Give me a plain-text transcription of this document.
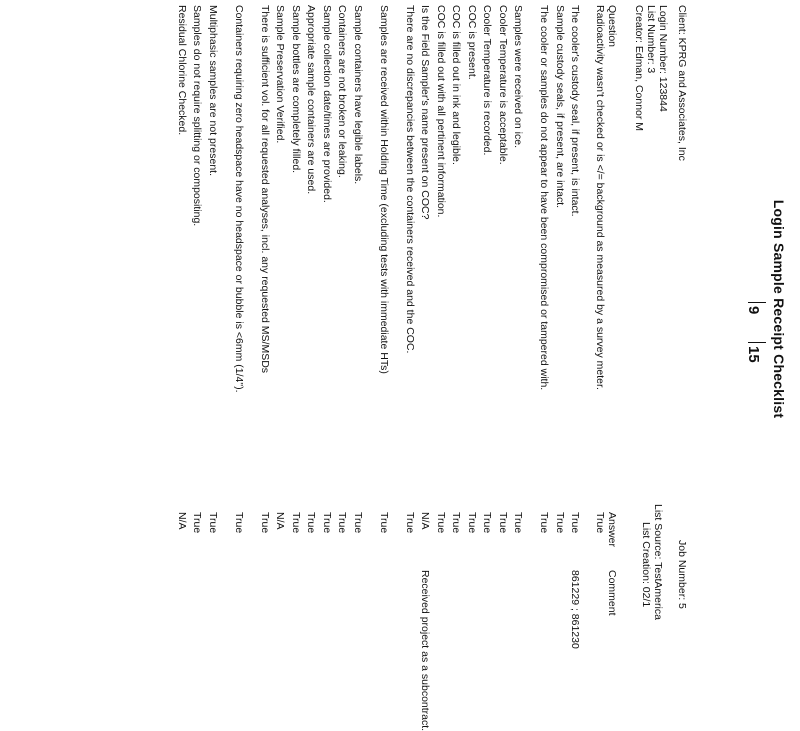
9
15 Login Sample Receipt Checklist
Client: KPRG and Associates, Inc
Job Number: 5
Login Number: 123844
List Source: TestAmerica
List Number: 3
List Creation: 02/1
Creator: Edman, Connor M
Question
Answer
Comment
Radioactivity wasn't checked or is </= background as measured by a survey meter.
True
The cooler's custody seal, if present, is intact.
True
861229 ; 861230
Sample custody seals, if present, are intact.
True
The cooler or samples do not appear to have been compromised or tampered with.
True
Samples were received on ice.
True
Cooler Temperature is acceptable.
True
Cooler Temperature is recorded.
True
COC is present.
True
COC is filled out in ink and legible.
True
COC is filled out with all pertinent information.
True
Is the Field Sampler's name present on COC?
N/A
Received project as a subcontract.
There are no discrepancies between the containers received and the COC.
True
Samples are received within Holding Time (excluding tests with immediate HTs)
True
Sample containers have legible labels.
True
Containers are not broken or leaking.
True
Sample collection date/times are provided.
True
Appropriate sample containers are used.
True
Sample bottles are completely filled.
True
Sample Preservation Verified.
N/A
There is sufficient vol. for all requested analyses, incl. any requested MS/MSDs
True
Containers requiring zero headspace have no headspace or bubble is <6mm (1/4").
True
Multiphasic samples are not present.
True
Samples do not require splitting or compositing.
True
Residual Chlorine Checked.
N/A
